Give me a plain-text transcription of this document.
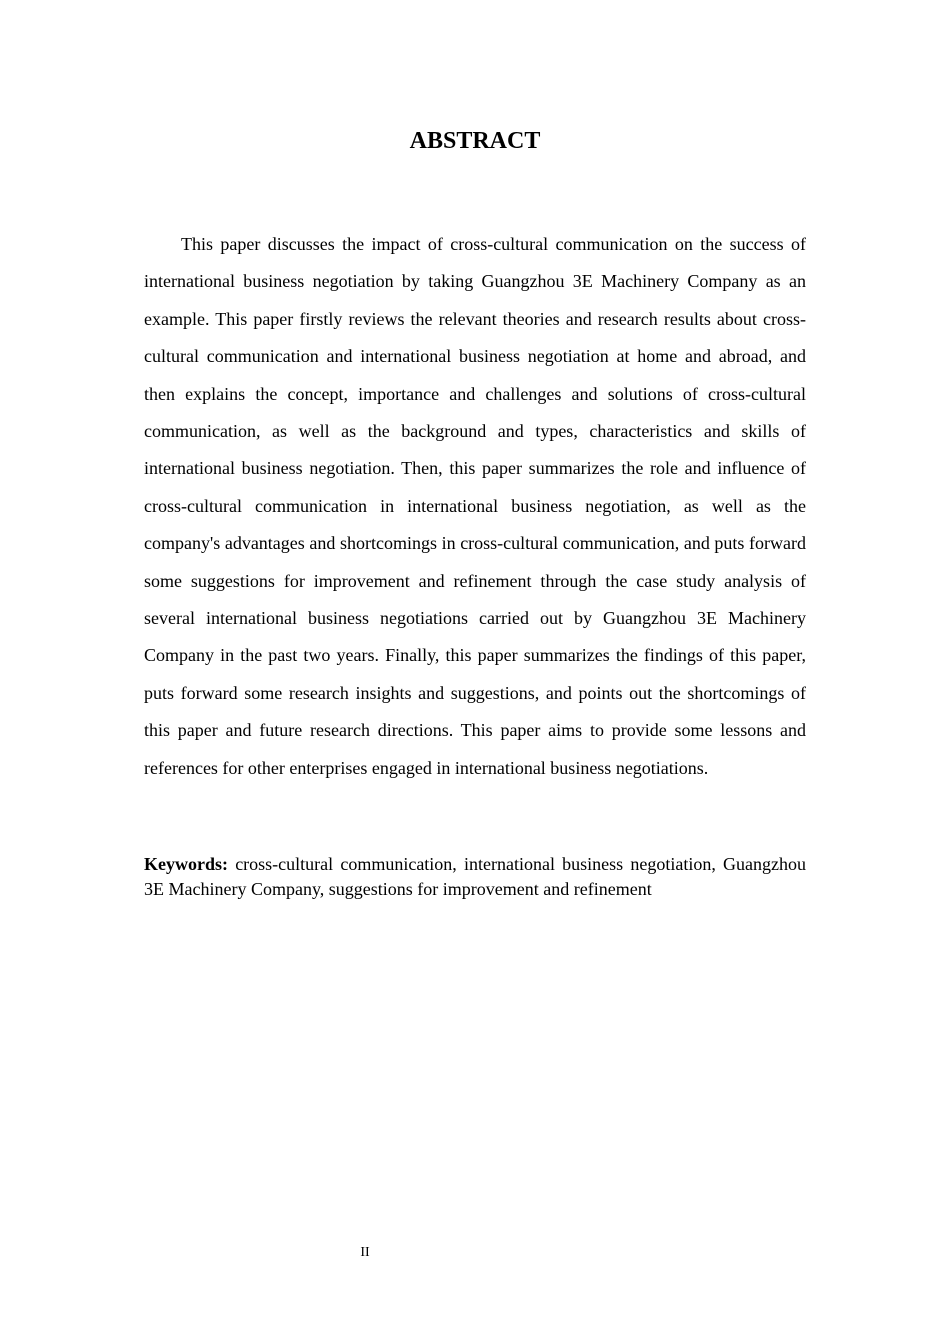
ABSTRACT

This paper discusses the impact of cross-cultural communication on the success of international business negotiation by taking Guangzhou 3E Machinery Company as an example. This paper firstly reviews the relevant theories and research results about cross-cultural communication and international business negotiation at home and abroad, and then explains the concept, importance and challenges and solutions of cross-cultural communication, as well as the background and types, characteristics and skills of international business negotiation. Then, this paper summarizes the role and influence of cross-cultural communication in international business negotiation, as well as the company's advantages and shortcomings in cross-cultural communication, and puts forward some suggestions for improvement and refinement through the case study analysis of several international business negotiations carried out by Guangzhou 3E Machinery Company in the past two years. Finally, this paper summarizes the findings of this paper, puts forward some research insights and suggestions, and points out the shortcomings of this paper and future research directions. This paper aims to provide some lessons and references for other enterprises engaged in international business negotiations.

Keywords: cross-cultural communication, international business negotiation, Guangzhou 3E Machinery Company, suggestions for improvement and refinement

II
